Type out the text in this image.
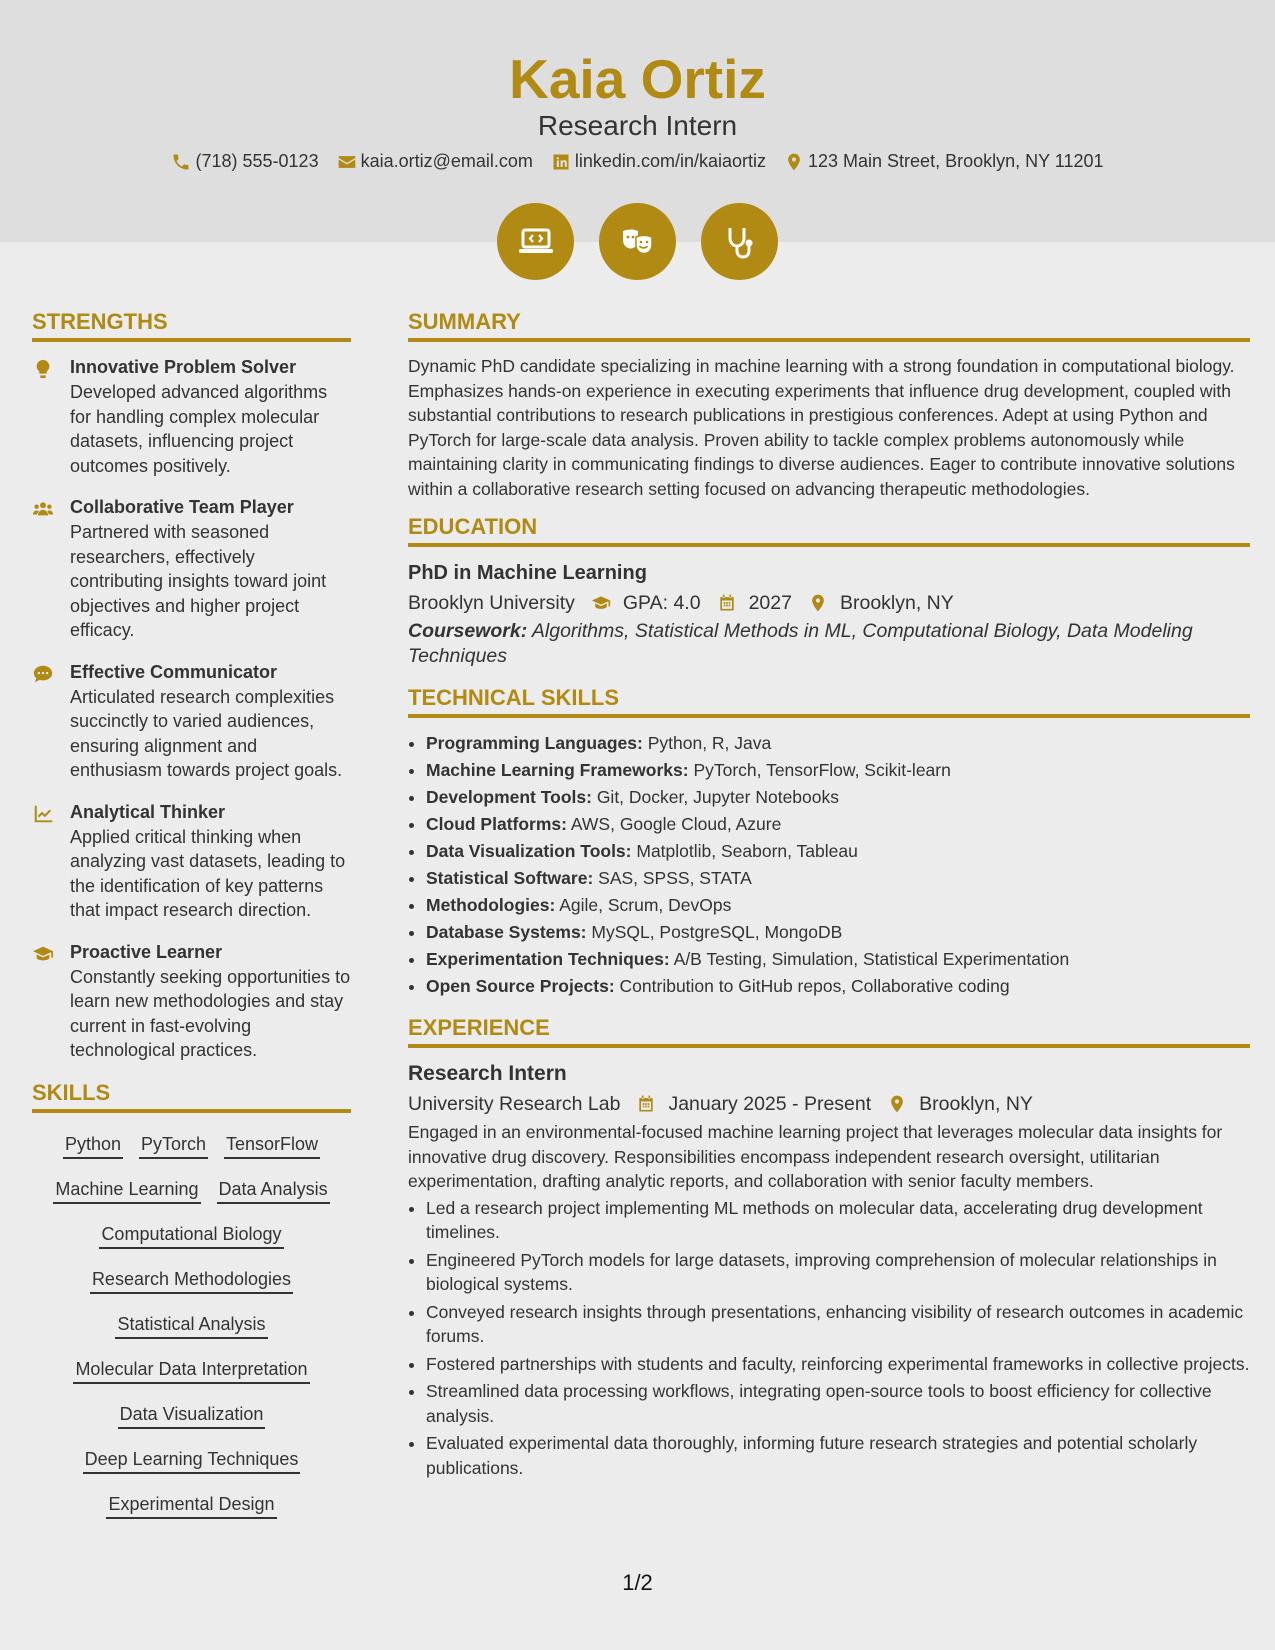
Kaia Ortiz
Research Intern
(718) 555-0123 kaia.ortiz@email.com linkedin.com/in/kaiaortiz 123 Main Street, Brooklyn, NY 11201
STRENGTHS
Innovative Problem Solver
Developed advanced algorithms for handling complex molecular datasets, influencing project outcomes positively.
Collaborative Team Player
Partnered with seasoned researchers, effectively contributing insights toward joint objectives and higher project efficacy.
Effective Communicator
Articulated research complexities succinctly to varied audiences, ensuring alignment and enthusiasm towards project goals.
Analytical Thinker
Applied critical thinking when analyzing vast datasets, leading to the identification of key patterns that impact research direction.
Proactive Learner
Constantly seeking opportunities to learn new methodologies and stay current in fast-evolving technological practices.
SKILLS
Python PyTorch TensorFlow
Machine Learning Data Analysis
Computational Biology
Research Methodologies
Statistical Analysis
Molecular Data Interpretation
Data Visualization
Deep Learning Techniques
Experimental Design
SUMMARY
Dynamic PhD candidate specializing in machine learning with a strong foundation in computational biology. Emphasizes hands-on experience in executing experiments that influence drug development, coupled with substantial contributions to research publications in prestigious conferences. Adept at using Python and PyTorch for large-scale data analysis. Proven ability to tackle complex problems autonomously while maintaining clarity in communicating findings to diverse audiences. Eager to contribute innovative solutions within a collaborative research setting focused on advancing therapeutic methodologies.
EDUCATION
PhD in Machine Learning
Brooklyn University GPA: 4.0 2027 Brooklyn, NY
Coursework: Algorithms, Statistical Methods in ML, Computational Biology, Data Modeling Techniques
TECHNICAL SKILLS
• Programming Languages: Python, R, Java
• Machine Learning Frameworks: PyTorch, TensorFlow, Scikit-learn
• Development Tools: Git, Docker, Jupyter Notebooks
• Cloud Platforms: AWS, Google Cloud, Azure
• Data Visualization Tools: Matplotlib, Seaborn, Tableau
• Statistical Software: SAS, SPSS, STATA
• Methodologies: Agile, Scrum, DevOps
• Database Systems: MySQL, PostgreSQL, MongoDB
• Experimentation Techniques: A/B Testing, Simulation, Statistical Experimentation
• Open Source Projects: Contribution to GitHub repos, Collaborative coding
EXPERIENCE
Research Intern
University Research Lab January 2025 - Present Brooklyn, NY
Engaged in an environmental-focused machine learning project that leverages molecular data insights for innovative drug discovery. Responsibilities encompass independent research oversight, utilitarian experimentation, drafting analytic reports, and collaboration with senior faculty members.
• Led a research project implementing ML methods on molecular data, accelerating drug development timelines.
• Engineered PyTorch models for large datasets, improving comprehension of molecular relationships in biological systems.
• Conveyed research insights through presentations, enhancing visibility of research outcomes in academic forums.
• Fostered partnerships with students and faculty, reinforcing experimental frameworks in collective projects.
• Streamlined data processing workflows, integrating open-source tools to boost efficiency for collective analysis.
• Evaluated experimental data thoroughly, informing future research strategies and potential scholarly publications.
1/2
